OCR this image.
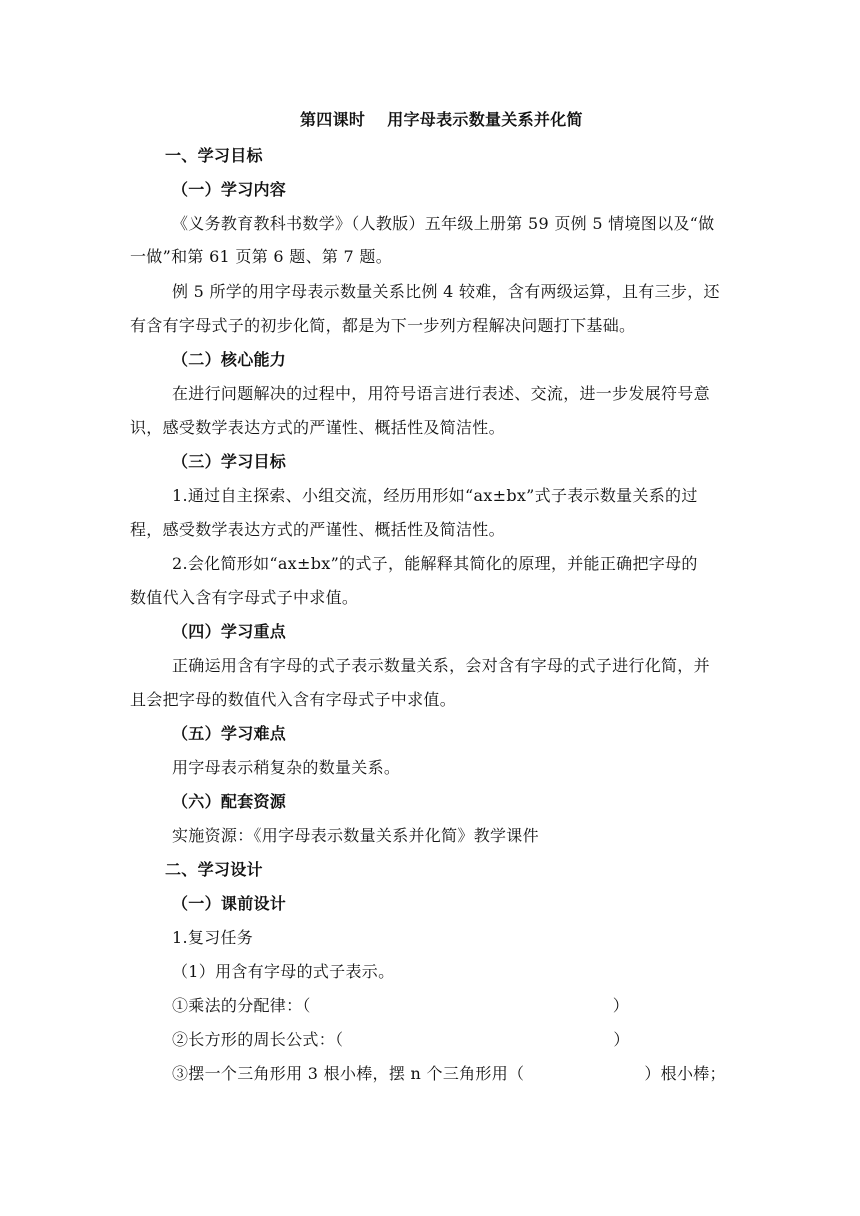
第四课时 用字母表示数量关系并化简
一、学习目标
（一）学习内容
《义务教育教科书数学》（人教版）五年级上册第 59 页例 5 情境图以及“做
一做”和第 61 页第 6 题、第 7 题。
例 5 所学的用字母表示数量关系比例 4 较难，含有两级运算，且有三步，还
有含有字母式子的初步化简，都是为下一步列方程解决问题打下基础。
（二）核心能力
在进行问题解决的过程中，用符号语言进行表述、交流，进一步发展符号意
识，感受数学表达方式的严谨性、概括性及简洁性。
（三）学习目标
1.通过自主探索、小组交流，经历用形如“ax±bx”式子表示数量关系的过
程，感受数学表达方式的严谨性、概括性及简洁性。
2.会化简形如“ax±bx”的式子，能解释其简化的原理，并能正确把字母的
数值代入含有字母式子中求值。
（四）学习重点
正确运用含有字母的式子表示数量关系，会对含有字母的式子进行化简，并
且会把字母的数值代入含有字母式子中求值。
（五）学习难点
用字母表示稍复杂的数量关系。
（六）配套资源
实施资源：《用字母表示数量关系并化简》教学课件
二、学习设计
（一）课前设计
1.复习任务
（1）用含有字母的式子表示。
①乘法的分配律：（	）
②长方形的周长公式：（	）
③摆一个三角形用 3 根小棒，摆 n 个三角形用（	）根小棒；
